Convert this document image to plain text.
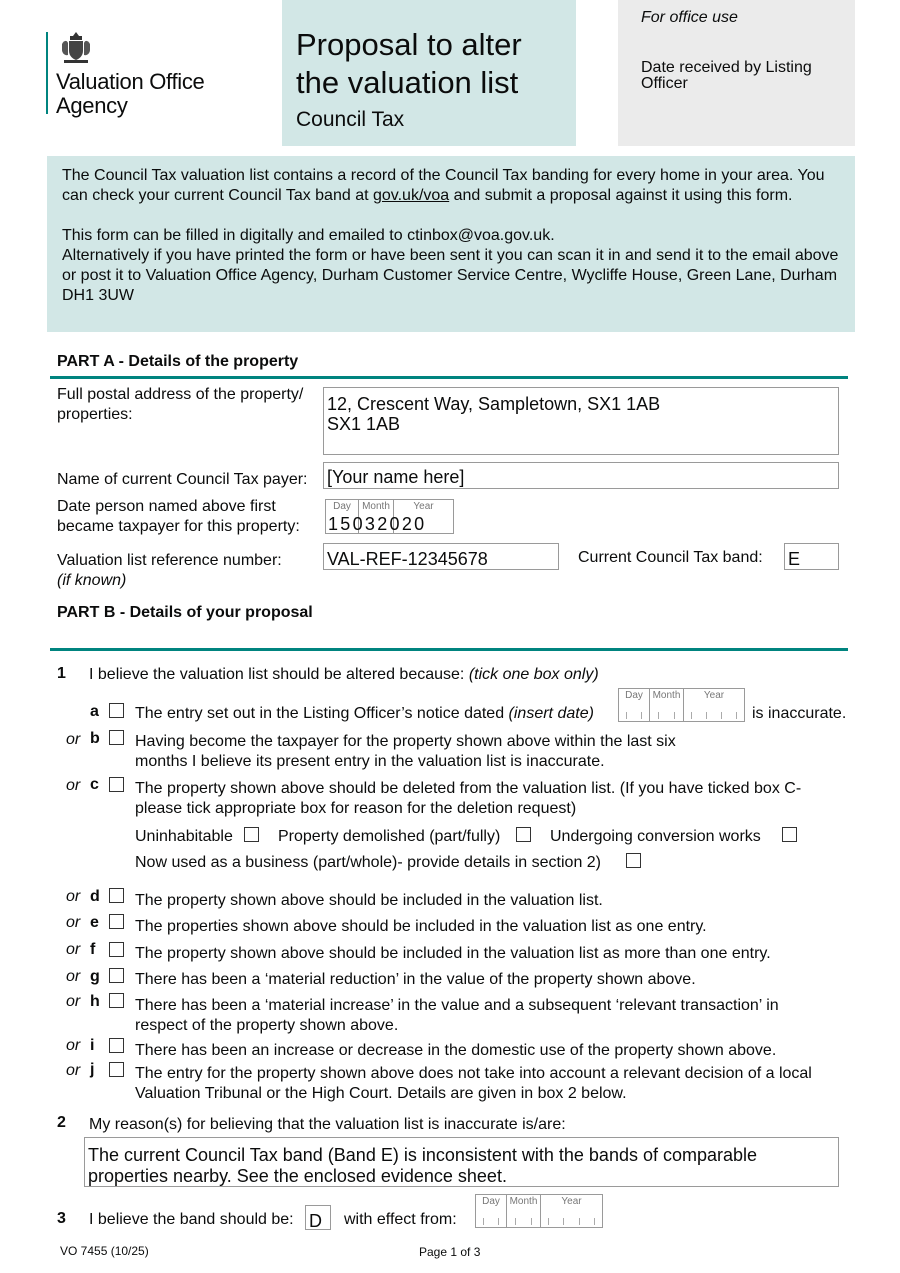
Valuation Office
Agency
Proposal to alter the valuation list
Council Tax
For office use
Date received by Listing Officer

The Council Tax valuation list contains a record of the Council Tax banding for every home in your area. You can check your current Council Tax band at gov.uk/voa and submit a proposal against it using this form.

This form can be filled in digitally and emailed to ctinbox@voa.gov.uk.
Alternatively if you have printed the form or have been sent it you can scan it in and send it to the email above or post it to Valuation Office Agency, Durham Customer Service Centre, Wycliffe House, Green Lane, Durham DH1 3UW

PART A - Details of the property
Full postal address of the property/ properties:
12, Crescent Way, Sampletown, SX1 1AB
SX1 1AB
Name of current Council Tax payer: [Your name here]
Date person named above first became taxpayer for this property:
Day	Month	Year
15032020
Valuation list reference number:
(if known)
VAL-REF-12345678	Current Council Tax band: E
PART B - Details of your proposal
1 I believe the valuation list should be altered because: (tick one box only)
a The entry set out in the Listing Officer’s notice dated (insert date)
Day Month	Year
is inaccurate.
or b Having become the taxpayer for the property shown above within the last six months I believe its present entry in the valuation list is inaccurate.
or c The property shown above should be deleted from the valuation list. (If you have ticked box C- please tick appropriate box for reason for the deletion request)
Uninhabitable	Property demolished (part/fully)	Undergoing conversion works
Now used as a business (part/whole)- provide details in section 2)
or d The property shown above should be included in the valuation list.
or e The properties shown above should be included in the valuation list as one entry.
or f The property shown above should be included in the valuation list as more than one entry.
or g There has been a ‘material reduction’ in the value of the property shown above.
or h There has been a ‘material increase’ in the value and a subsequent ‘relevant transaction’ in respect of the property shown above.
or i	There has been an increase or decrease in the domestic use of the property shown above.
or j	The entry for the property shown above does not take into account a relevant decision of a local Valuation Tribunal or the High Court. Details are given in box 2 below.
2 My reason(s) for believing that the valuation list is inaccurate is/are:
The current Council Tax band (Band E) is inconsistent with the bands of comparable properties nearby. See the enclosed evidence sheet.
3 I believe the band should be: D	with effect from:
Day Month	Year
VO 7455 (10/25)	Page 1 of 3
